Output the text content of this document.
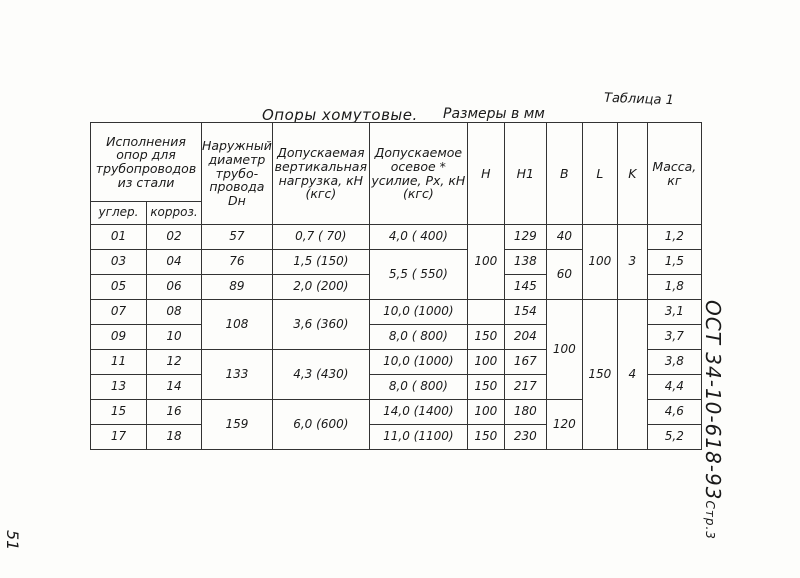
Опоры хомутовые. Размеры в мм
Таблица 1
ОСТ 34-10-618-93Стр.3
51
Исполнения опор для трубопроводов из стали		Наружный диаметр трубо-провода Dн	Допускаемая вертикальная нагрузка, кН (кгс)	Допускаемое осевое * усилие, Px, кН (кгс)	H	H1	B	L	K	Масса, кг
углер.	корроз.									
01	02	57	0,7 ( 70)	4,0 ( 400)	100	129	40	100	3	1,2
03	04	76	1,5 (150)	5,5 ( 550)		138	60			1,5
05	06	89	2,0 (200)			145				1,8
07	08	108	3,6 (360)	10,0 (1000)		154	100	150	4	3,1
09	10			8,0 ( 800)	150	204				3,7
11	12	133	4,3 (430)	10,0 (1000)	100	167				3,8
13	14			8,0 ( 800)	150	217				4,4
15	16	159	6,0 (600)	14,0 (1400)	100	180	120			4,6
17	18			11,0 (1100)	150	230				5,2
